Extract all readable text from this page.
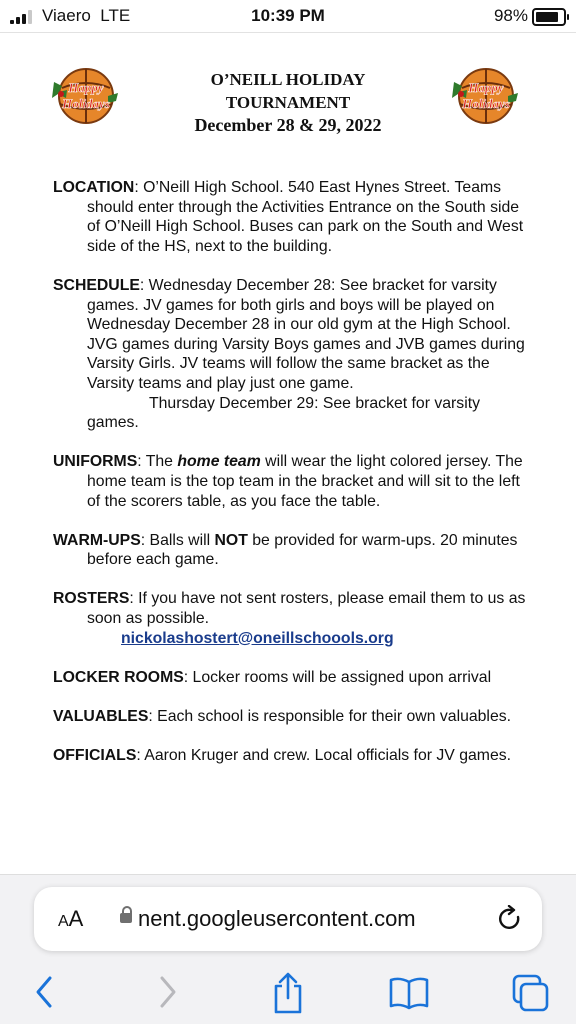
Viaero LTE	10:39 PM	98%
Happy
Holidays
Happy
Holidays
O’NEILL HOLIDAY
TOURNAMENT
December 28 & 29, 2022
LOCATION: O’Neill High School. 540 East Hynes Street. Teams should enter through the Activities Entrance on the South side of O’Neill High School. Buses can park on the South and West side of the HS, next to the building.
SCHEDULE: Wednesday December 28: See bracket for varsity games. JV games for both girls and boys will be played on Wednesday December 28 in our old gym at the High School. JVG games during Varsity Boys games and JVB games during Varsity Girls. JV teams will follow the same bracket as the Varsity teams and play just one game.
Thursday December 29: See bracket for varsity games.
UNIFORMS: The home team will wear the light colored jersey. The home team is the top team in the bracket and will sit to the left of the scorers table, as you face the table.
WARM-UPS: Balls will NOT be provided for warm-ups. 20 minutes before each game.
ROSTERS: If you have not sent rosters, please email them to us as soon as possible.
nickolashostert@oneillschoools.org
LOCKER ROOMS: Locker rooms will be assigned upon arrival
VALUABLES: Each school is responsible for their own valuables.
OFFICIALS: Aaron Kruger and crew. Local officials for JV games.
AA nent.googleusercontent.com
